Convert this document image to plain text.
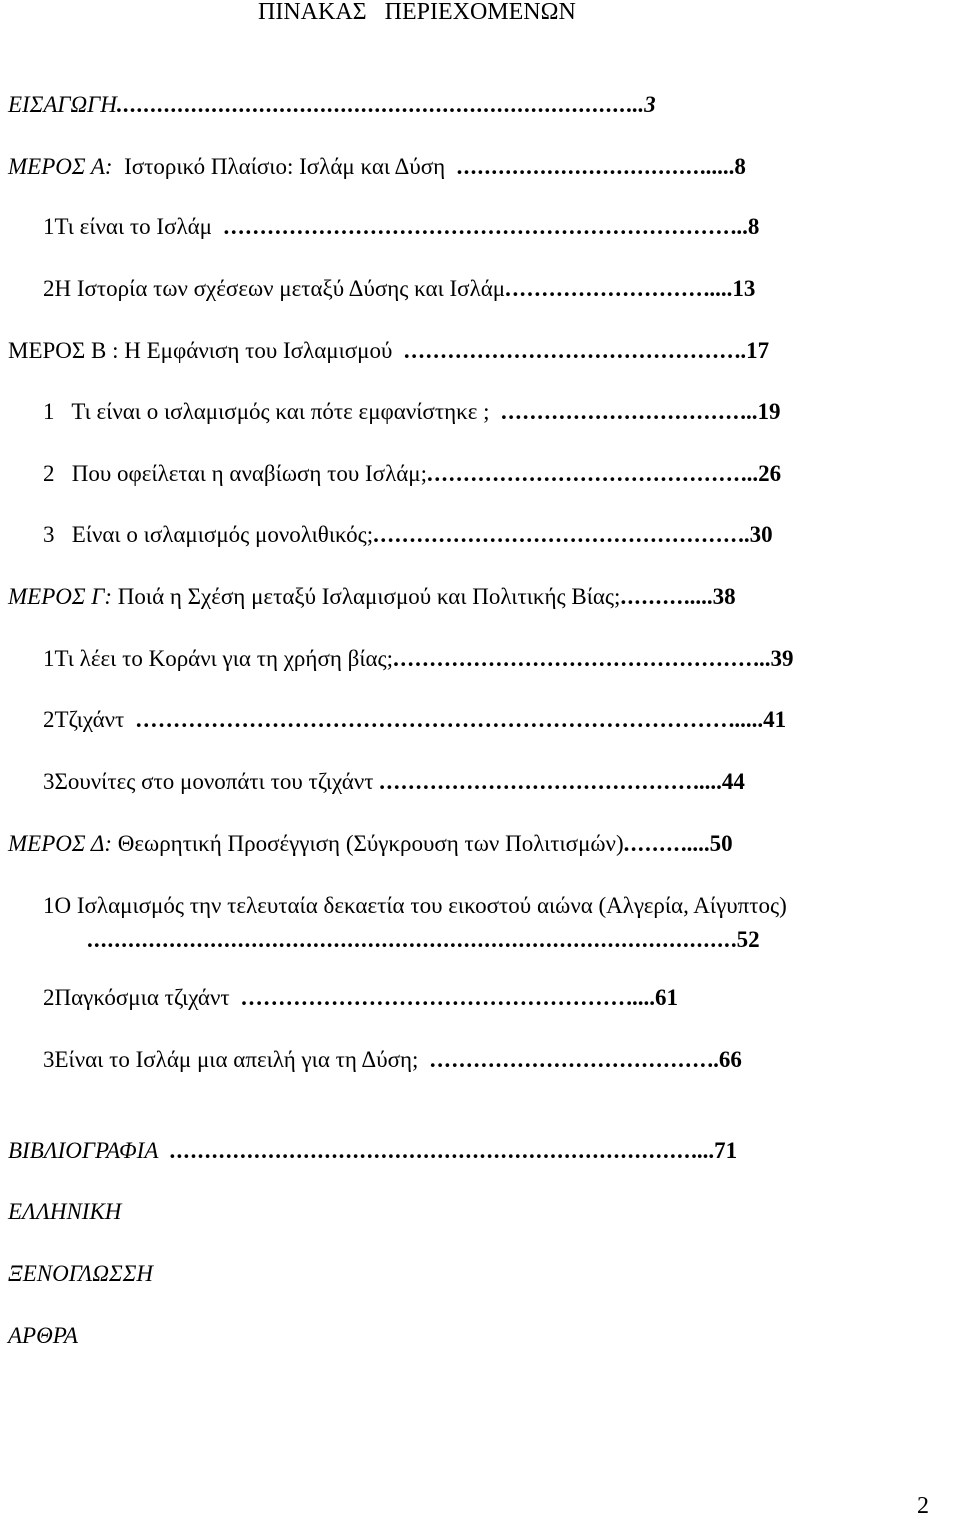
ΠΙΝΑΚΑΣ   ΠΕΡΙΕΧΟΜΕΝΩΝ
ΕΙΣΑΓΩΓΗ..............................................................................3
ΜΕΡΟΣ Α:  Ιστορικό Πλαίσιο: Ισλάμ και Δύση .........................................8
1Τι είναι το Ισλάμ ........................................................................8
2Η Ιστορία των σχέσεων μεταξύ Δύσης και Ισλάμ................................13
ΜΕΡΟΣ Β : Η Εμφάνιση του Ισλαμισμού ...............................................17
1   Τι είναι ο ισλαμισμός και πότε εμφανίστηκε ; ....................................19
2   Που οφείλεται η αναβίωση του Ισλάμ;..............................................26
3   Είναι ο ισλαμισμός μονολιθικός;....................................................30
ΜΕΡΟΣ Γ: Ποιά η Σχέση μεταξύ Ισλαμισμού και Πολιτικής Βίας;..............38
1Τι λέει το Κοράνι για τη χρήση βίας;....................................................39
2Τζιχάντ ....................................................................................41
3Σουνίτες στο μονοπάτι του τζιχάντ ................................................44
ΜΕΡΟΣ Δ: Θεωρητική Προσέγγιση (Σύγκρουση των Πολιτισμών).............50
1Ο Ισλαμισμός την τελευταία δεκαετία του εικοστού αιώνα (Αλγερία, Αίγυπτος)
...............................................................................................52
2Παγκόσμια τζιχάντ ........................................................61
3Είναι το Ισλάμ μια απειλή για τη Δύση; ........................................66
ΒΙΒΛΙΟΓΡΑΦΙΑ ..............................................................................71
ΕΛΛΗΝΙΚΗ
ΞΕΝΟΓΛΩΣΣΗ
ΑΡΘΡΑ
2
